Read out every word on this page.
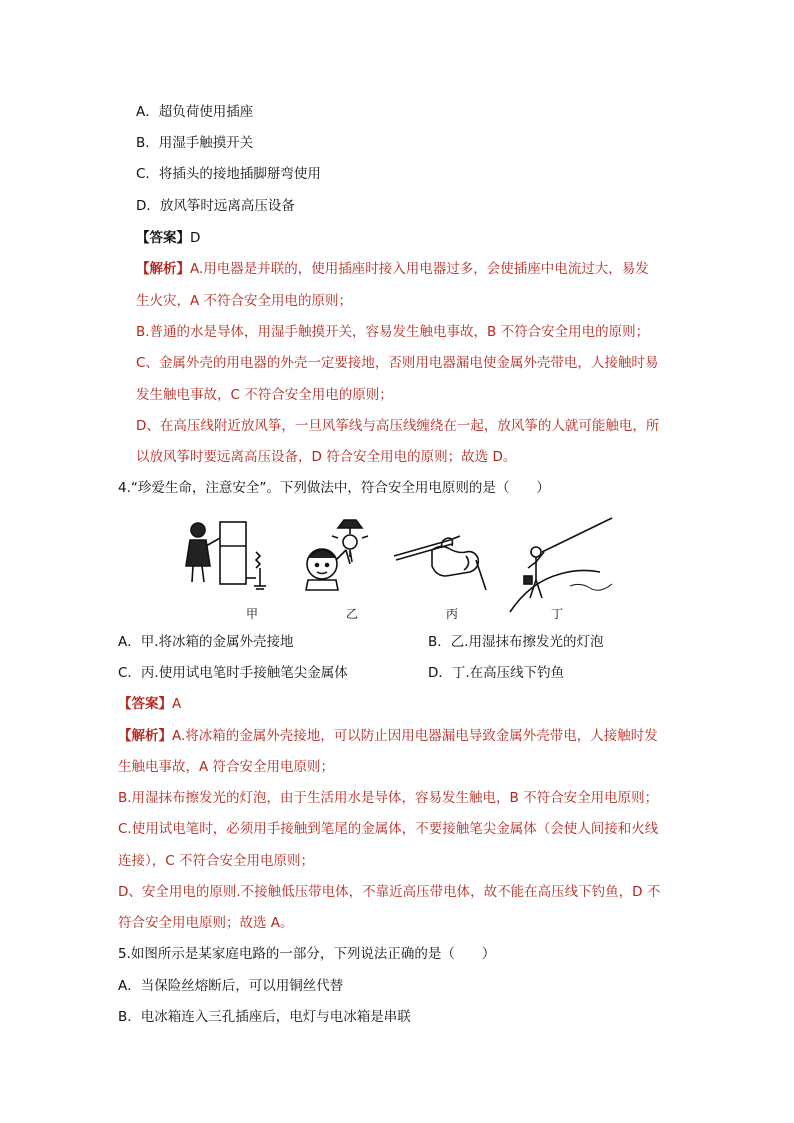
A．超负荷使用插座
B．用湿手触摸开关
C．将插头的接地插脚掰弯使用
D．放风筝时远离高压设备
【答案】D
【解析】A.用电器是并联的，使用插座时接入用电器过多，会使插座中电流过大，易发
生火灾，A 不符合安全用电的原则；
B.普通的水是导体，用湿手触摸开关，容易发生触电事故，B 不符合安全用电的原则；
C、金属外壳的用电器的外壳一定要接地，否则用电器漏电使金属外壳带电，人接触时易
发生触电事故，C 不符合安全用电的原则；
D、在高压线附近放风筝，一旦风筝线与高压线缠绕在一起，放风筝的人就可能触电，所
以放风筝时要远离高压设备，D 符合安全用电的原则；故选 D。
4.“珍爱生命，注意安全”。下列做法中，符合安全用电原则的是（　　）
甲	乙	丙	丁
A．甲.将冰箱的金属外壳接地	B．乙.用湿抹布擦发光的灯泡
C．丙.使用试电笔时手接触笔尖金属体	D．丁.在高压线下钓鱼
【答案】A
【解析】A.将冰箱的金属外壳接地，可以防止因用电器漏电导致金属外壳带电，人接触时发
生触电事故，A 符合安全用电原则；
B.用湿抹布擦发光的灯泡，由于生活用水是导体，容易发生触电，B 不符合安全用电原则；
C.使用试电笔时，必须用手接触到笔尾的金属体，不要接触笔尖金属体（会使人间接和火线
连接），C 不符合安全用电原则；
D、安全用电的原则.不接触低压带电体，不靠近高压带电体，故不能在高压线下钓鱼，D 不
符合安全用电原则；故选 A。
5.如图所示是某家庭电路的一部分，下列说法正确的是（　　）
A．当保险丝熔断后，可以用铜丝代替
B．电冰箱连入三孔插座后，电灯与电冰箱是串联
